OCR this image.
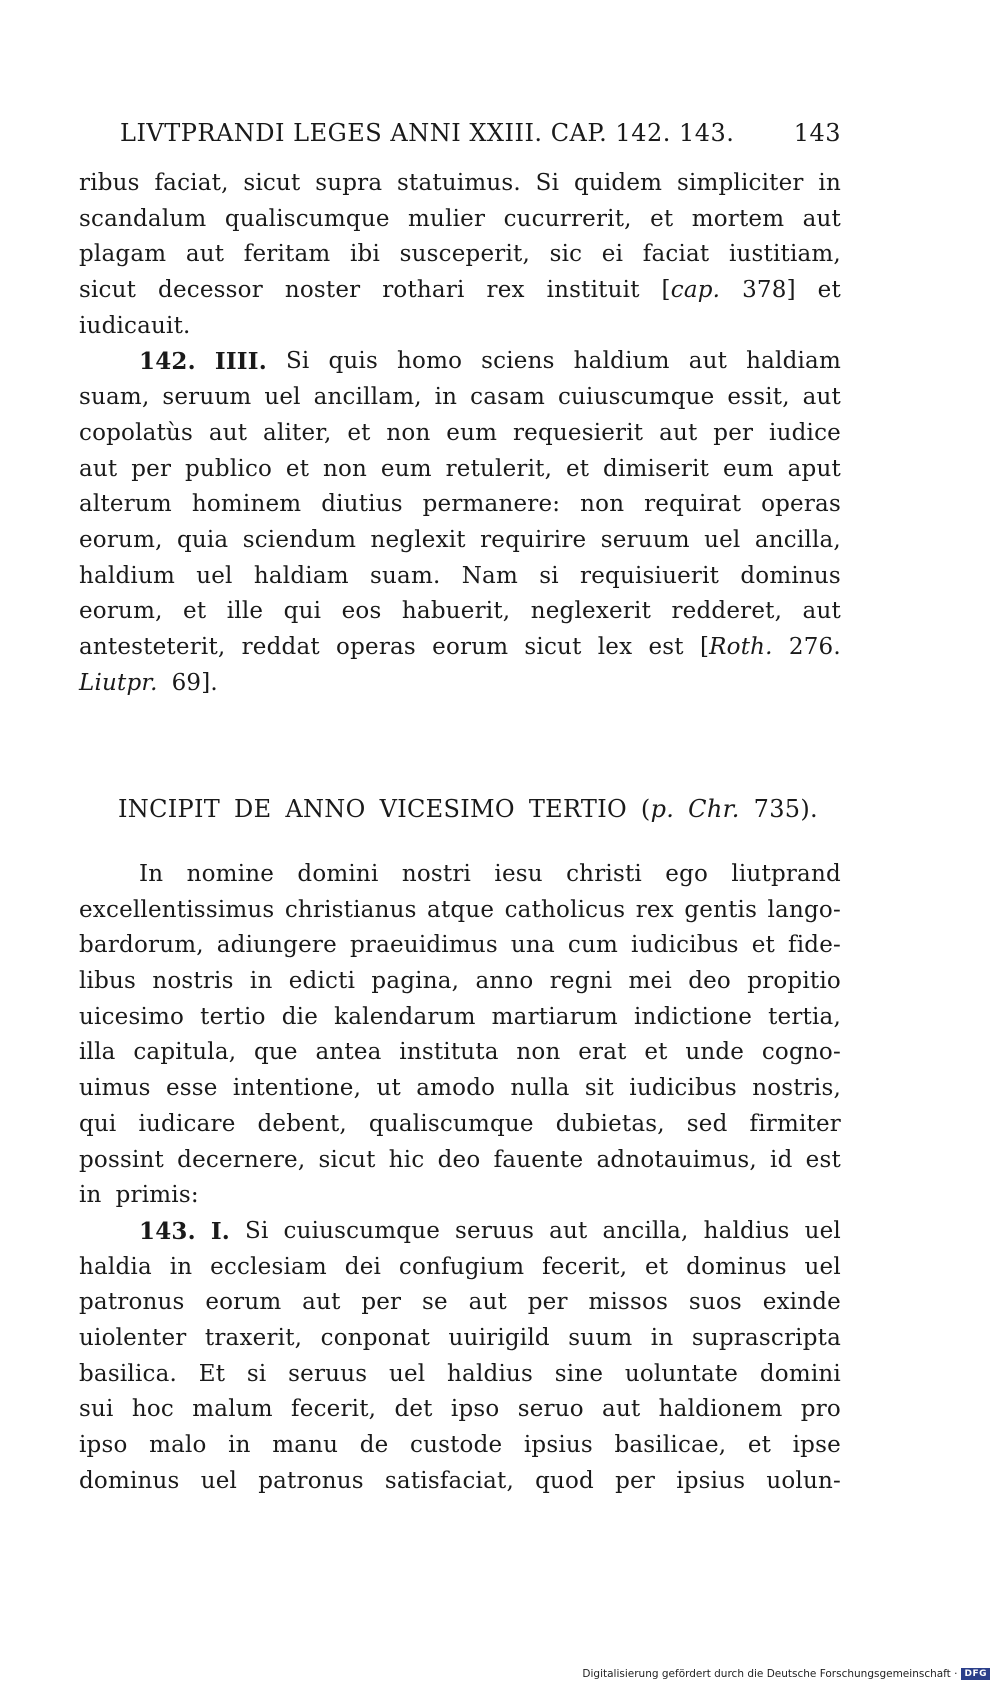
LIVTPRANDI LEGES ANNI XXIII. CAP. 142. 143. 143
ribus faciat, sicut supra statuimus. Si quidem simpliciter in
scandalum qualiscumque mulier cucurrerit, et mortem aut
plagam aut feritam ibi susceperit, sic ei faciat iustitiam,
sicut decessor noster rothari rex instituit [cap. 378] et
iudicauit.
142. IIII. Si quis homo sciens haldium aut haldiam
suam, seruum uel ancillam, in casam cuiuscumque essit, aut
copolatùs aut aliter, et non eum requesierit aut per iudice
aut per publico et non eum retulerit, et dimiserit eum aput
alterum hominem diutius permanere: non requirat operas
eorum, quia sciendum neglexit requirire seruum uel ancilla,
haldium uel haldiam suam. Nam si requisiuerit dominus
eorum, et ille qui eos habuerit, neglexerit redderet, aut
antesteterit, reddat operas eorum sicut lex est [Roth. 276.
Liutpr. 69].
INCIPIT DE ANNO VICESIMO TERTIO (p. Chr. 735).
In nomine domini nostri iesu christi ego liutprand
excellentissimus christianus atque catholicus rex gentis lango-
bardorum, adiungere praeuidimus una cum iudicibus et fide-
libus nostris in edicti pagina, anno regni mei deo propitio
uicesimo tertio die kalendarum martiarum indictione tertia,
illa capitula, que antea instituta non erat et unde cogno-
uimus esse intentione, ut amodo nulla sit iudicibus nostris,
qui iudicare debent, qualiscumque dubietas, sed firmiter
possint decernere, sicut hic deo fauente adnotauimus, id est
in primis:
143. I. Si cuiuscumque seruus aut ancilla, haldius uel
haldia in ecclesiam dei confugium fecerit, et dominus uel
patronus eorum aut per se aut per missos suos exinde
uiolenter traxerit, conponat uuirigild suum in suprascripta
basilica. Et si seruus uel haldius sine uoluntate domini
sui hoc malum fecerit, det ipso seruo aut haldionem pro
ipso malo in manu de custode ipsius basilicae, et ipse
dominus uel patronus satisfaciat, quod per ipsius uolun-
Digitalisierung gefördert durch die Deutsche Forschungsgemeinschaft · DFG
